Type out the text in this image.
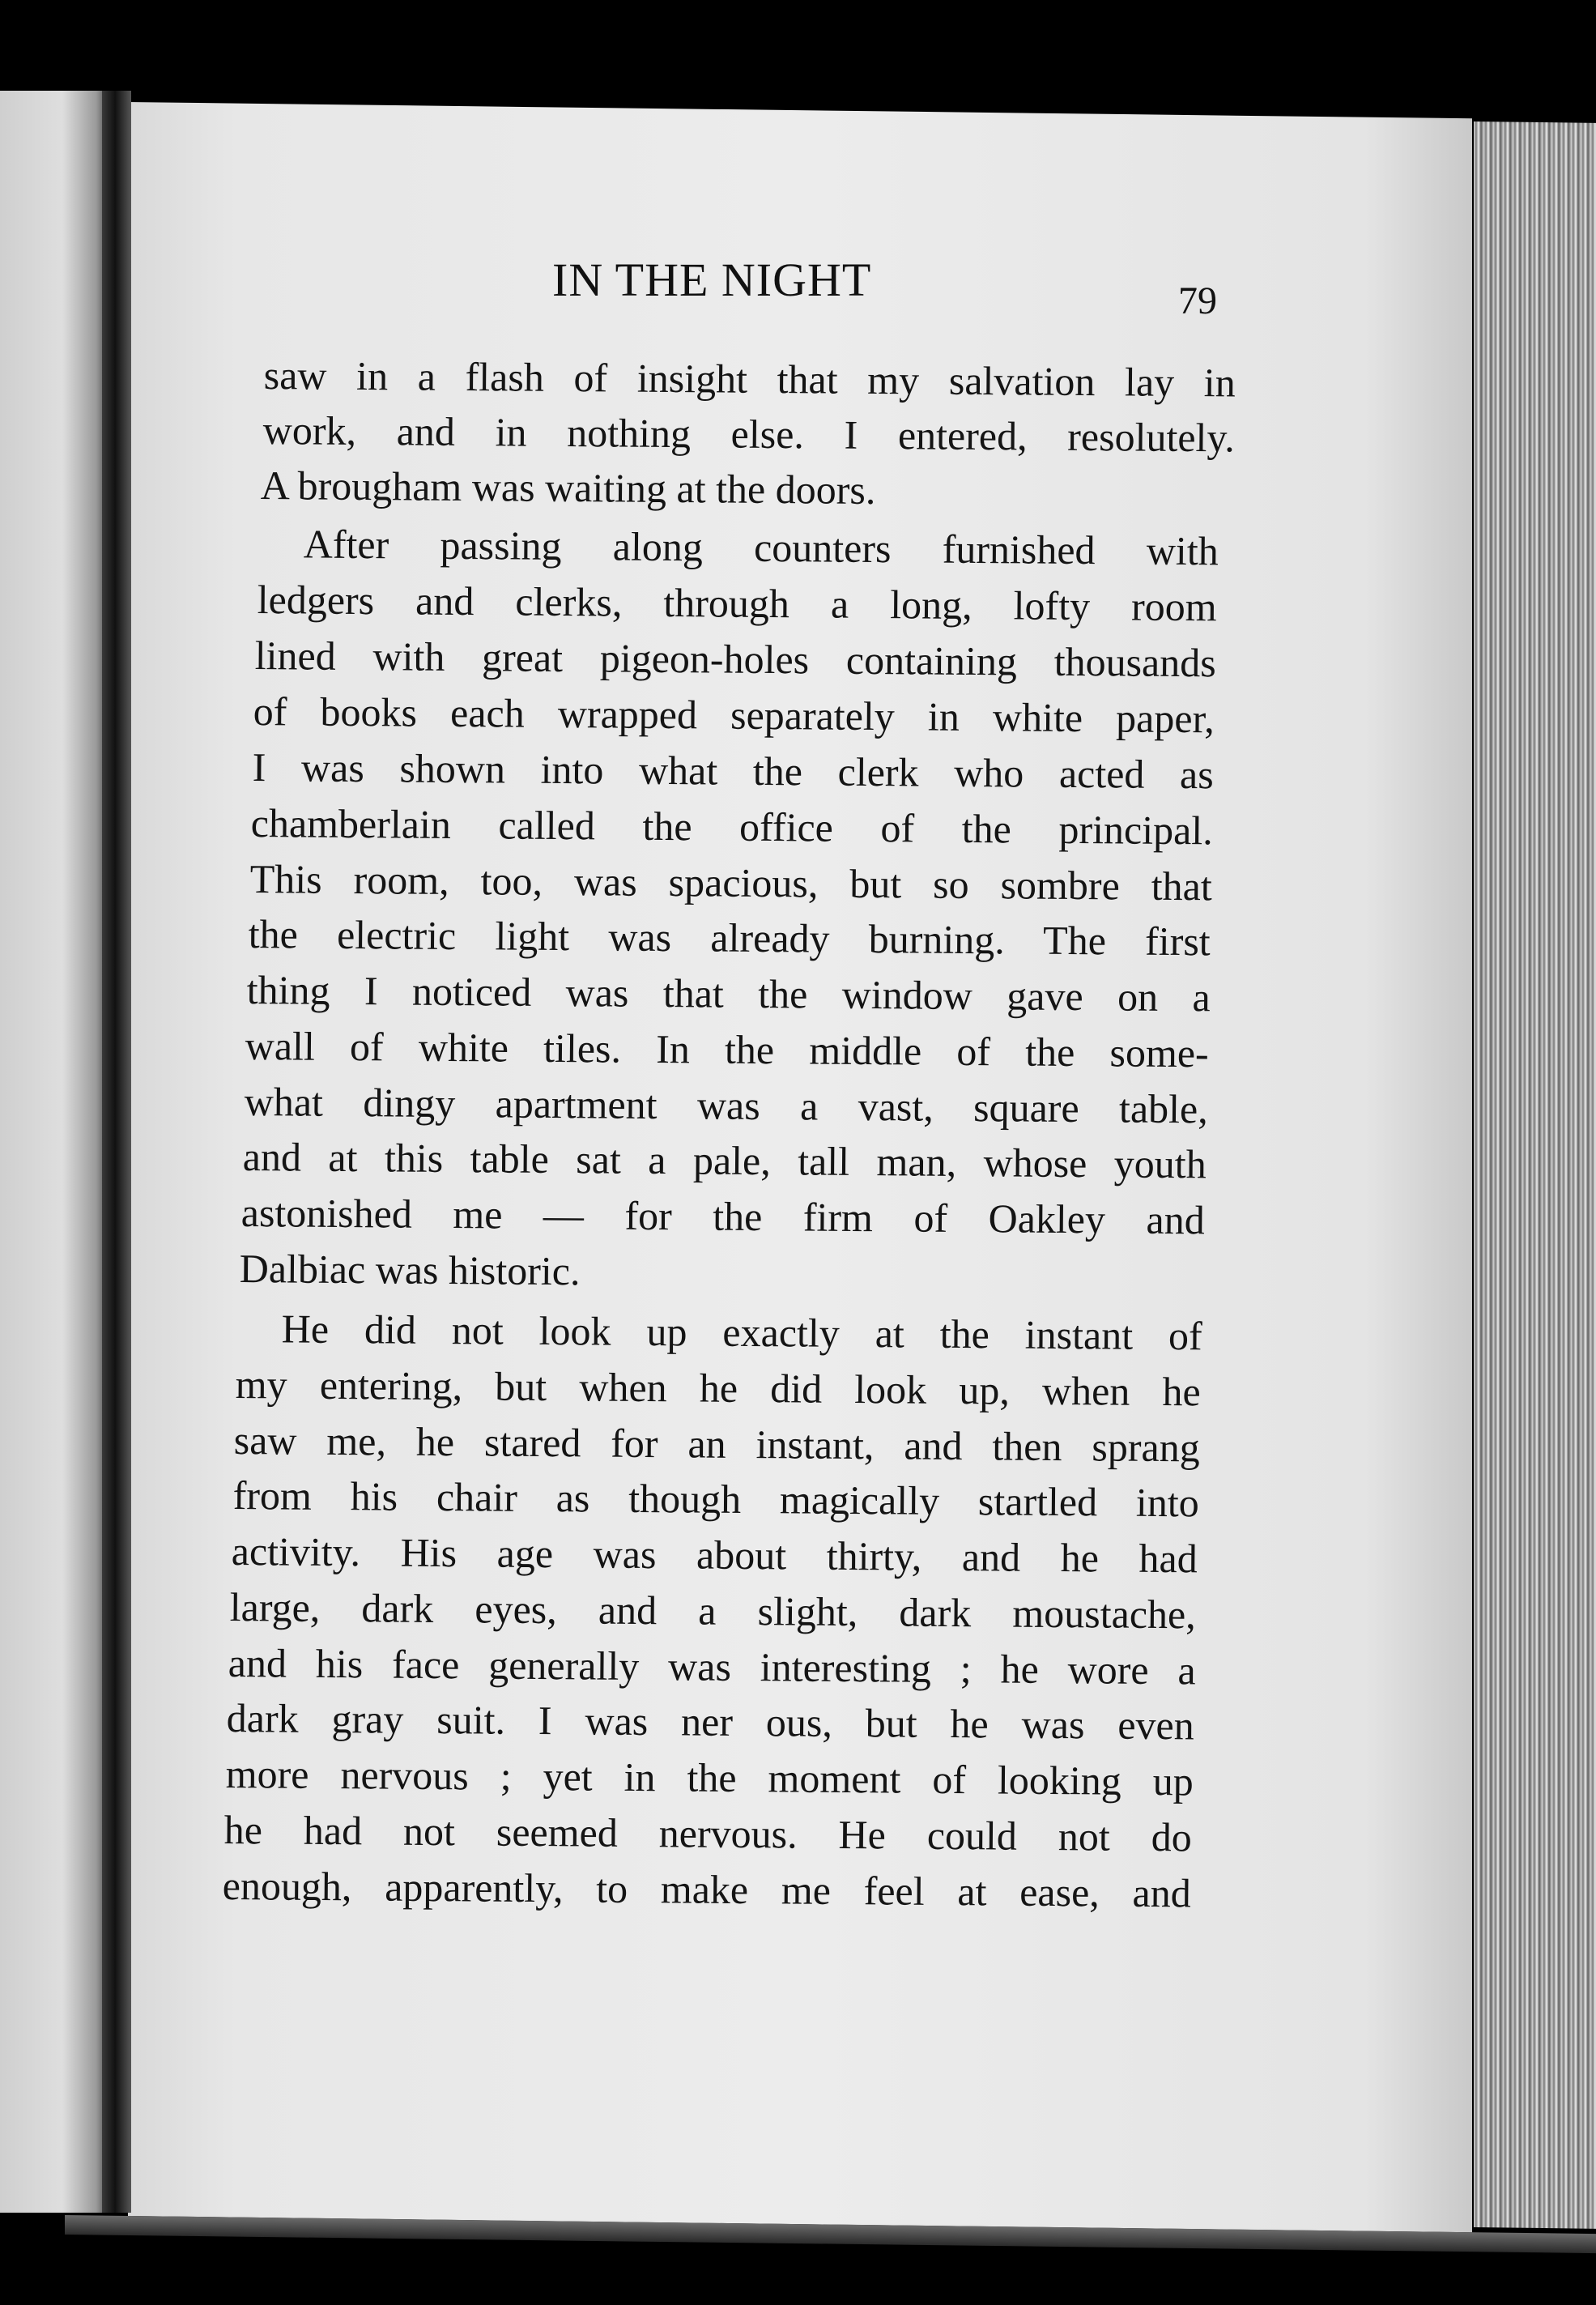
IN THE NIGHT	79

saw in a flash of insight that my salvation lay in

work, and in nothing else. I entered, resolutely.

A brougham was waiting at the doors.

After passing along counters furnished with

ledgers and clerks, through a long, lofty room

lined with great pigeon-holes containing thousands

of books each wrapped separately in white paper,

I was shown into what the clerk who acted as

chamberlain called the office of the principal.

This room, too, was spacious, but so sombre that

the electric light was already burning. The first

thing I noticed was that the window gave on a

wall of white tiles. In the middle of the some-

what dingy apartment was a vast, square table,

and at this table sat a pale, tall man, whose youth

astonished me — for the firm of Oakley and

Dalbiac was historic.

He did not look up exactly at the instant of

my entering, but when he did look up, when he

saw me, he stared for an instant, and then sprang

from his chair as though magically startled into

activity. His age was about thirty, and he had

large, dark eyes, and a slight, dark moustache,

and his face generally was interesting ; he wore a

dark gray suit. I was ner ous, but he was even

more nervous ; yet in the moment of looking up

he had not seemed nervous. He could not do

enough, apparently, to make me feel at ease, and
